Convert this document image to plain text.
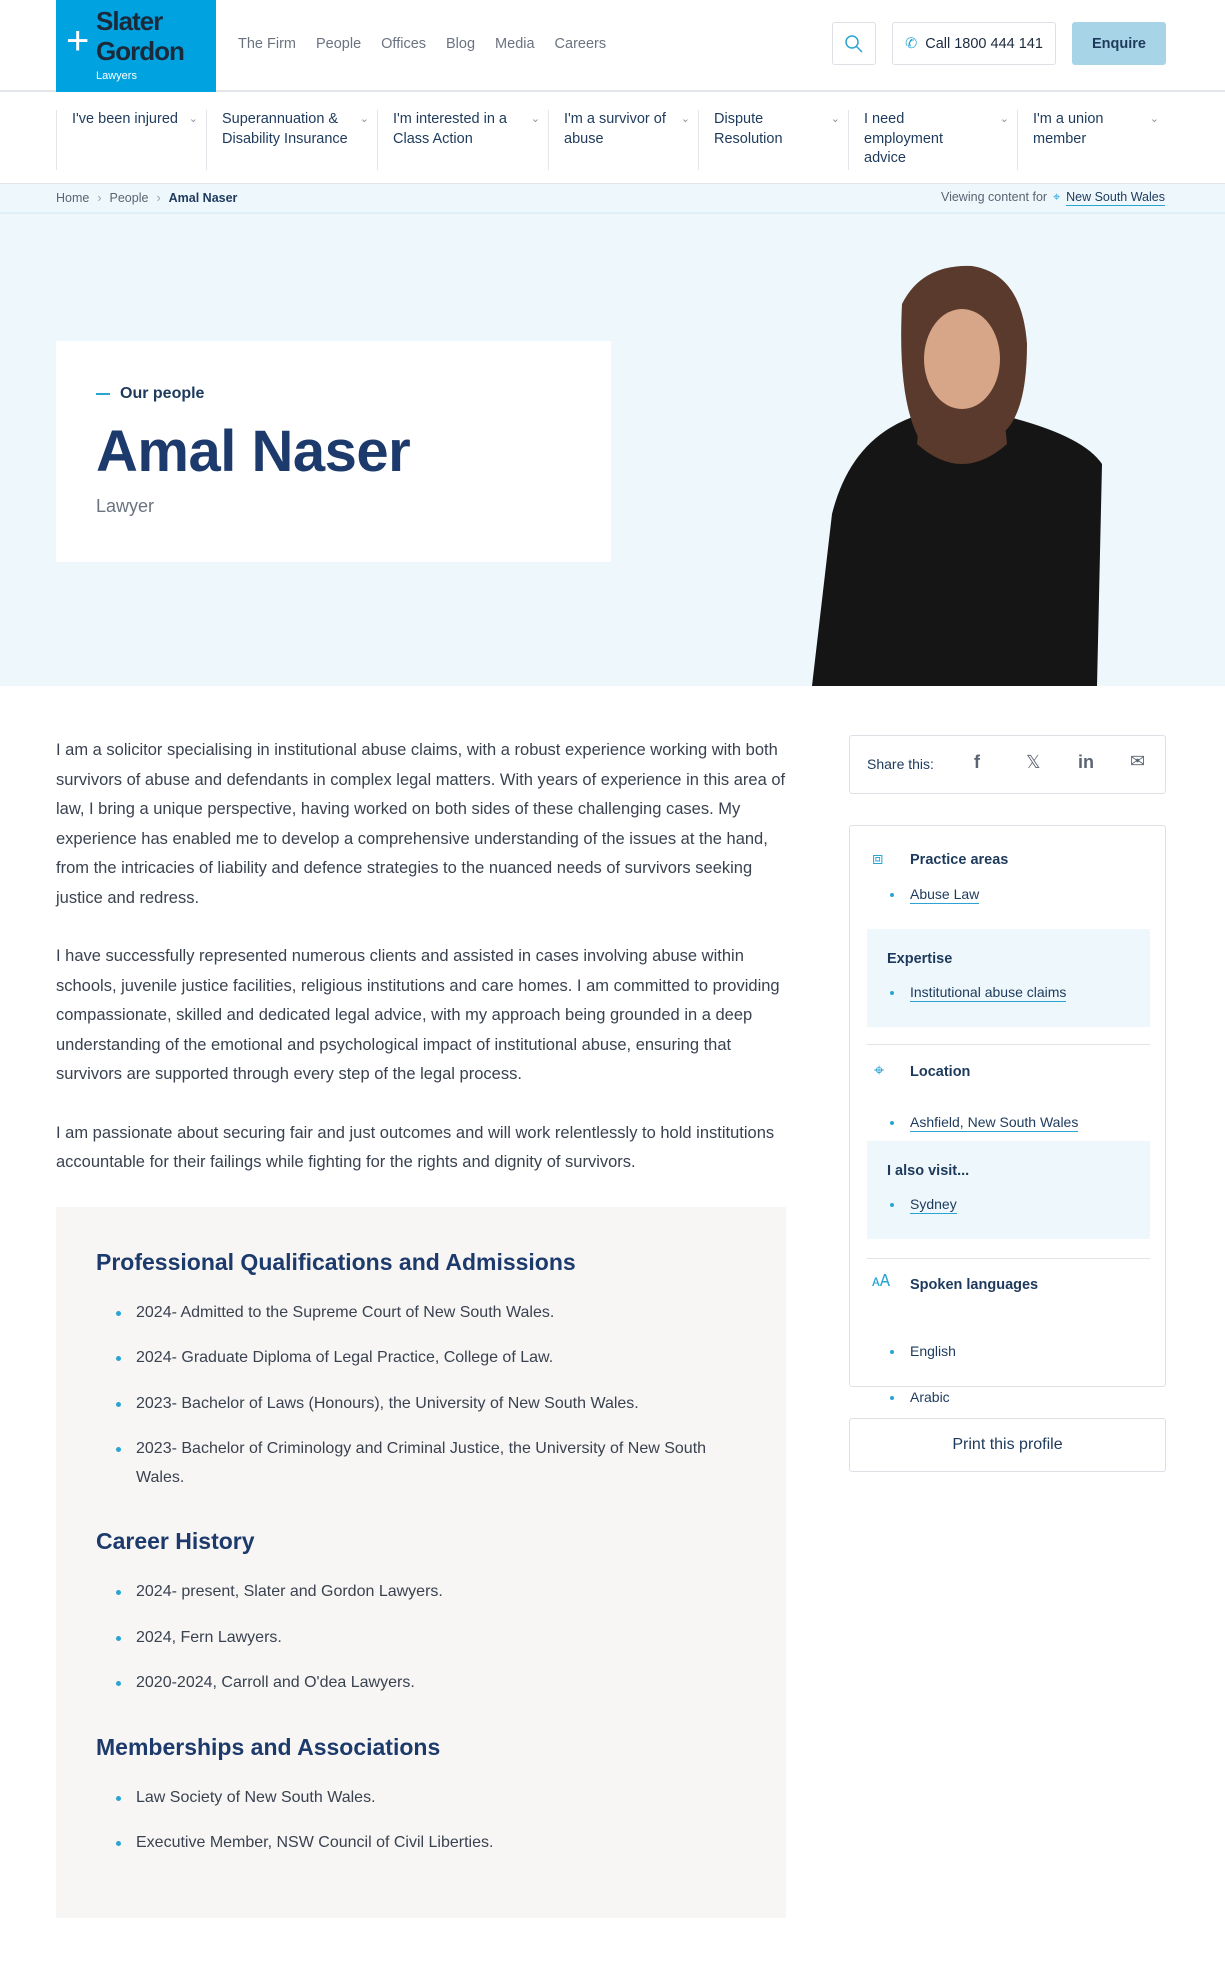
+ Slater
Gordon
Lawyers
The Firm People Offices Blog Media Careers	✆ Call 1800 444 141	Enquire
I've been injured ⌄	Superannuation & Disability Insurance
⌄	I'm interested in a Class Action
⌄	I'm a survivor of abuse
⌄	Dispute Resolution
⌄	I need employment advice
⌄	I'm a union member
⌄
Home › People › Amal Naser	Viewing content for ⌖ New South Wales
Our people
Amal Naser
Lawyer

I am a solicitor specialising in institutional abuse claims, with a robust experience working with both survivors of abuse and defendants in complex legal matters. With years of experience in this area of law, I bring a unique perspective, having worked on both sides of these challenging cases. My experience has enabled me to develop a comprehensive understanding of the issues at the hand, from the intricacies of liability and defence strategies to the nuanced needs of survivors seeking justice and redress.

I have successfully represented numerous clients and assisted in cases involving abuse within schools, juvenile justice facilities, religious institutions and care homes. I am committed to providing compassionate, skilled and dedicated legal advice, with my approach being grounded in a deep understanding of the emotional and psychological impact of institutional abuse, ensuring that survivors are supported through every step of the legal process.

I am passionate about securing fair and just outcomes and will work relentlessly to hold institutions accountable for their failings while fighting for the rights and dignity of survivors.

Professional Qualifications and Admissions
2024- Admitted to the Supreme Court of New South Wales.
2024- Graduate Diploma of Legal Practice, College of Law.
2023- Bachelor of Laws (Honours), the University of New South Wales.
2023- Bachelor of Criminology and Criminal Justice, the University of New South Wales.
Career History
2024- present, Slater and Gordon Lawyers.
2024, Fern Lawyers.
2020-2024, Carroll and O'dea Lawyers.
Memberships and Associations
Law Society of New South Wales.
Executive Member, NSW Council of Civil Liberties.
Share this: f	𝕏 in ✉
⧈ Practice areas
Abuse Law
Expertise
Institutional abuse claims
⌖ Location
Ashfield, New South Wales
I also visit...
Sydney
🗚 Spoken languages
English
Arabic
Print this profile
